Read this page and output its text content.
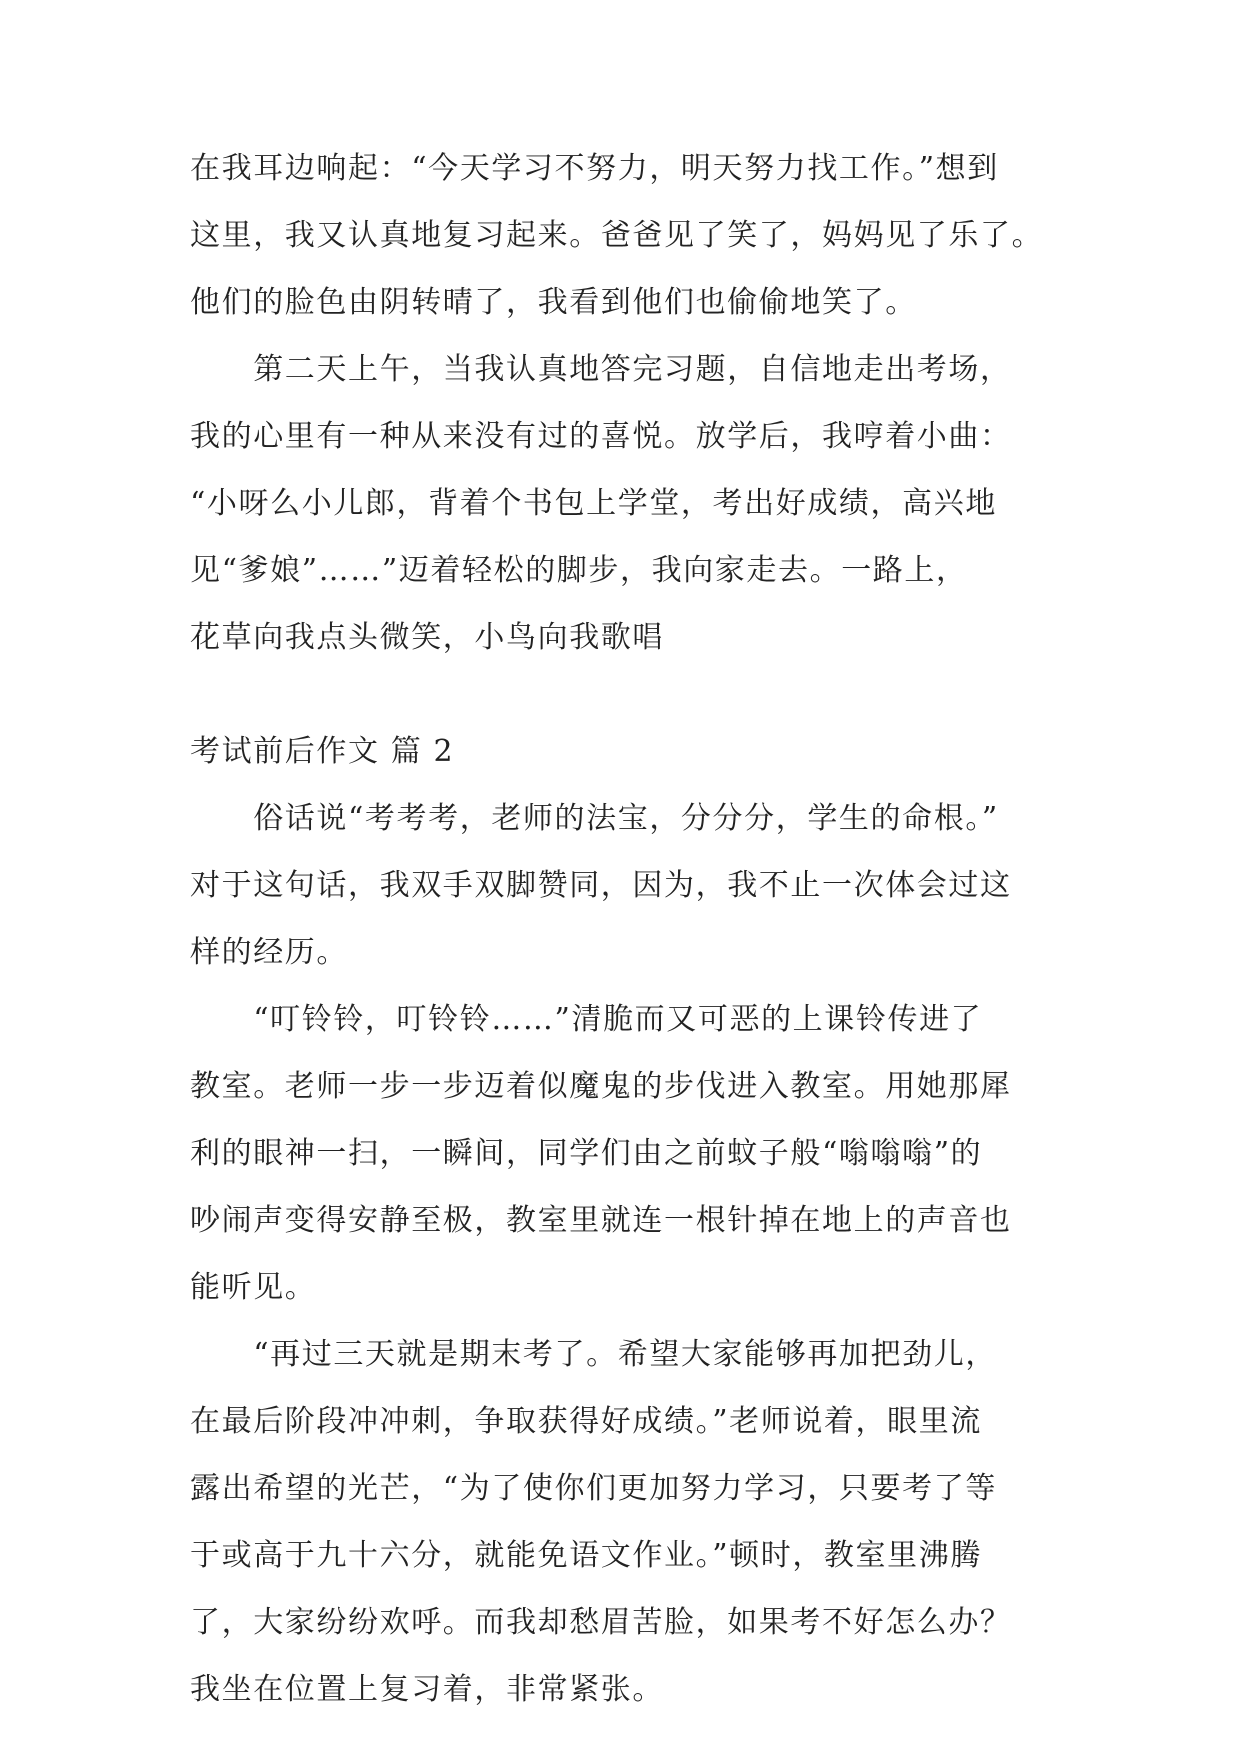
在我耳边响起：“今天学习不努力，明天努力找工作。”想到
这里，我又认真地复习起来。爸爸见了笑了，妈妈见了乐了。
他们的脸色由阴转晴了，我看到他们也偷偷地笑了。
　　第二天上午，当我认真地答完习题，自信地走出考场，
我的心里有一种从来没有过的喜悦。放学后，我哼着小曲：
“小呀么小儿郎，背着个书包上学堂，考出好成绩，高兴地
见“爹娘”……”迈着轻松的脚步，我向家走去。一路上，
花草向我点头微笑，小鸟向我歌唱
考试前后作文 篇 2
　　俗话说“考考考，老师的法宝，分分分，学生的命根。”
对于这句话，我双手双脚赞同，因为，我不止一次体会过这
样的经历。
　　“叮铃铃，叮铃铃……”清脆而又可恶的上课铃传进了
教室。老师一步一步迈着似魔鬼的步伐进入教室。用她那犀
利的眼神一扫，一瞬间，同学们由之前蚊子般“嗡嗡嗡”的
吵闹声变得安静至极，教室里就连一根针掉在地上的声音也
能听见。
　　“再过三天就是期末考了。希望大家能够再加把劲儿，
在最后阶段冲冲刺，争取获得好成绩。”老师说着，眼里流
露出希望的光芒，“为了使你们更加努力学习，只要考了等
于或高于九十六分，就能免语文作业。”顿时，教室里沸腾
了，大家纷纷欢呼。而我却愁眉苦脸，如果考不好怎么办？
我坐在位置上复习着，非常紧张。
